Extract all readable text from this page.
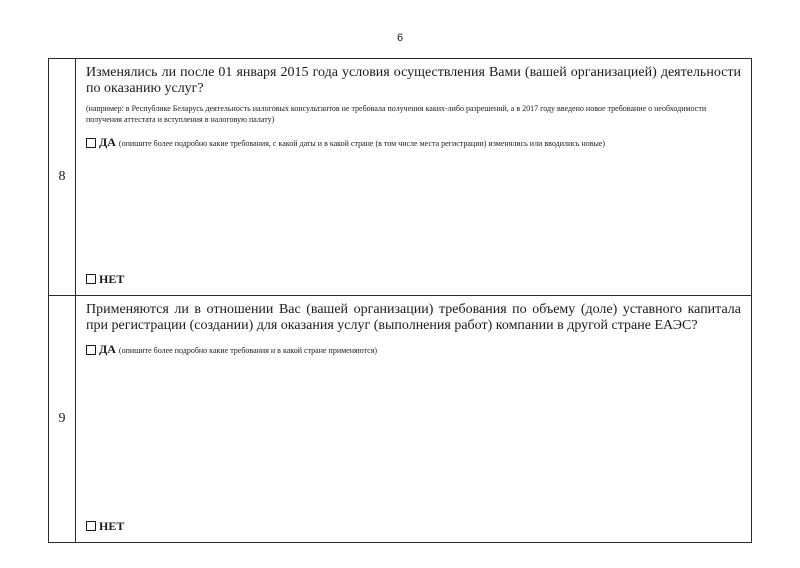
6
8	Изменялись ли после 01 января 2015 года условия осуществления Вами (вашей организацией) деятельности по оказанию услуг?

(например: в Республике Беларусь деятельность налоговых консультантов не требовала получения каких-либо разрешений, а в 2017 году введено новое требование о необходимости получения аттестата и вступления в налоговую палату)

ДА (опишите более подробно какие требования, с какой даты и в какой стране (в том числе места регистрации) изменялись или вводились новые)

НЕТ

9	Применяются ли в отношении Вас (вашей организации) требования по объему (доле) уставного капитала при регистрации (создании) для оказания услуг (выполнения работ) компании в другой стране ЕАЭС?

ДА (опишите более подробно какие требования и в какой стране применяются)

НЕТ
